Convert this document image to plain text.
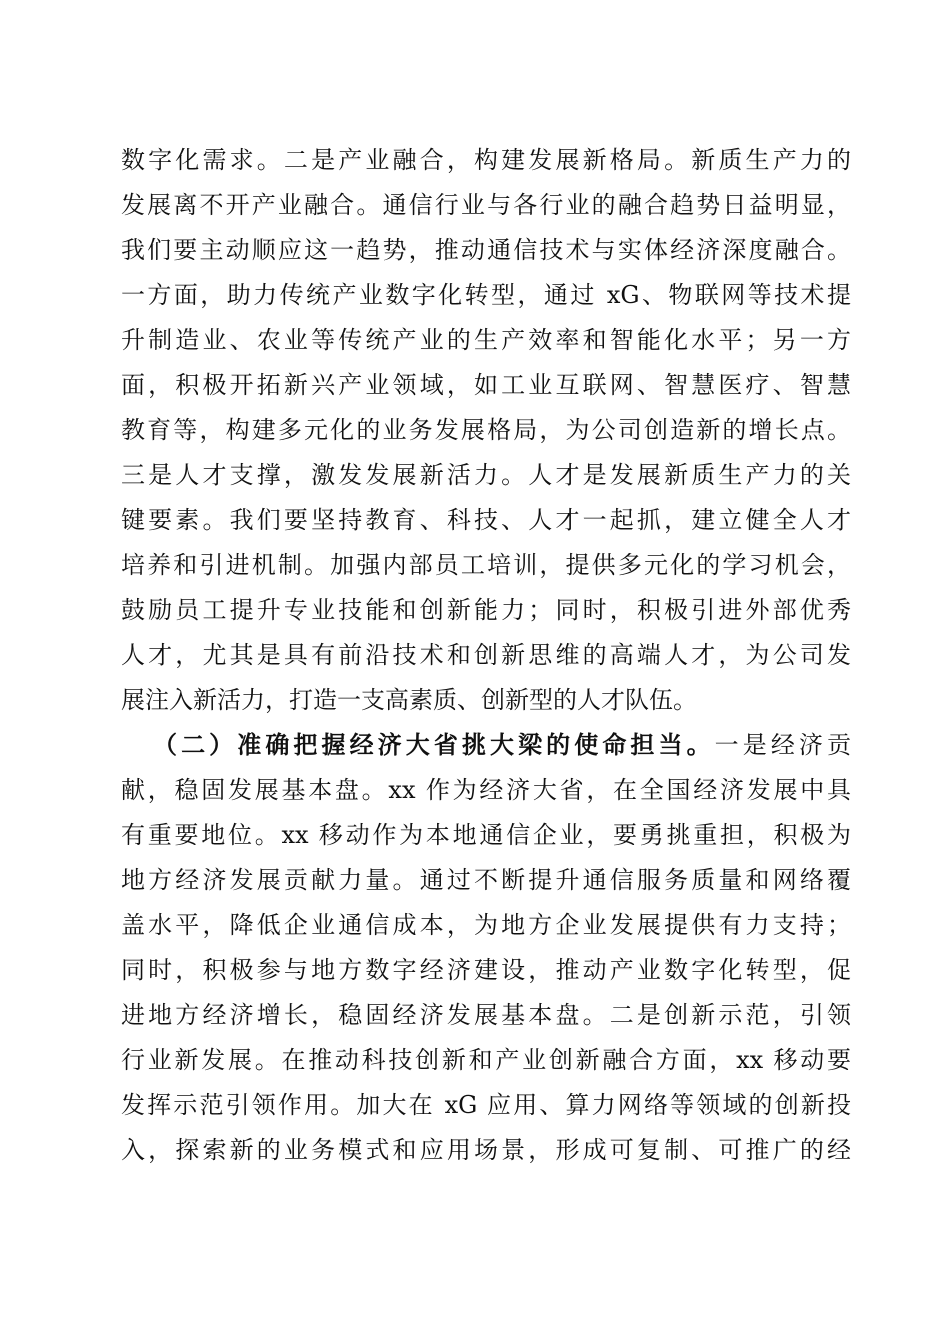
数字化需求。二是产业融合，构建发展新格局。新质生产力的
发展离不开产业融合。通信行业与各行业的融合趋势日益明显，
我们要主动顺应这一趋势，推动通信技术与实体经济深度融合。
一方面，助力传统产业数字化转型，通过 xG、物联网等技术提
升制造业、农业等传统产业的生产效率和智能化水平；另一方
面，积极开拓新兴产业领域，如工业互联网、智慧医疗、智慧
教育等，构建多元化的业务发展格局，为公司创造新的增长点。
三是人才支撑，激发发展新活力。人才是发展新质生产力的关
键要素。我们要坚持教育、科技、人才一起抓，建立健全人才
培养和引进机制。加强内部员工培训，提供多元化的学习机会，
鼓励员工提升专业技能和创新能力；同时，积极引进外部优秀
人才，尤其是具有前沿技术和创新思维的高端人才，为公司发
展注入新活力，打造一支高素质、创新型的人才队伍。
（二）准确把握经济大省挑大梁的使命担当。一是经济贡
献，稳固发展基本盘。xx 作为经济大省，在全国经济发展中具
有重要地位。xx 移动作为本地通信企业，要勇挑重担，积极为
地方经济发展贡献力量。通过不断提升通信服务质量和网络覆
盖水平，降低企业通信成本，为地方企业发展提供有力支持；
同时，积极参与地方数字经济建设，推动产业数字化转型，促
进地方经济增长，稳固经济发展基本盘。二是创新示范，引领
行业新发展。在推动科技创新和产业创新融合方面，xx 移动要
发挥示范引领作用。加大在 xG 应用、算力网络等领域的创新投
入，探索新的业务模式和应用场景，形成可复制、可推广的经
